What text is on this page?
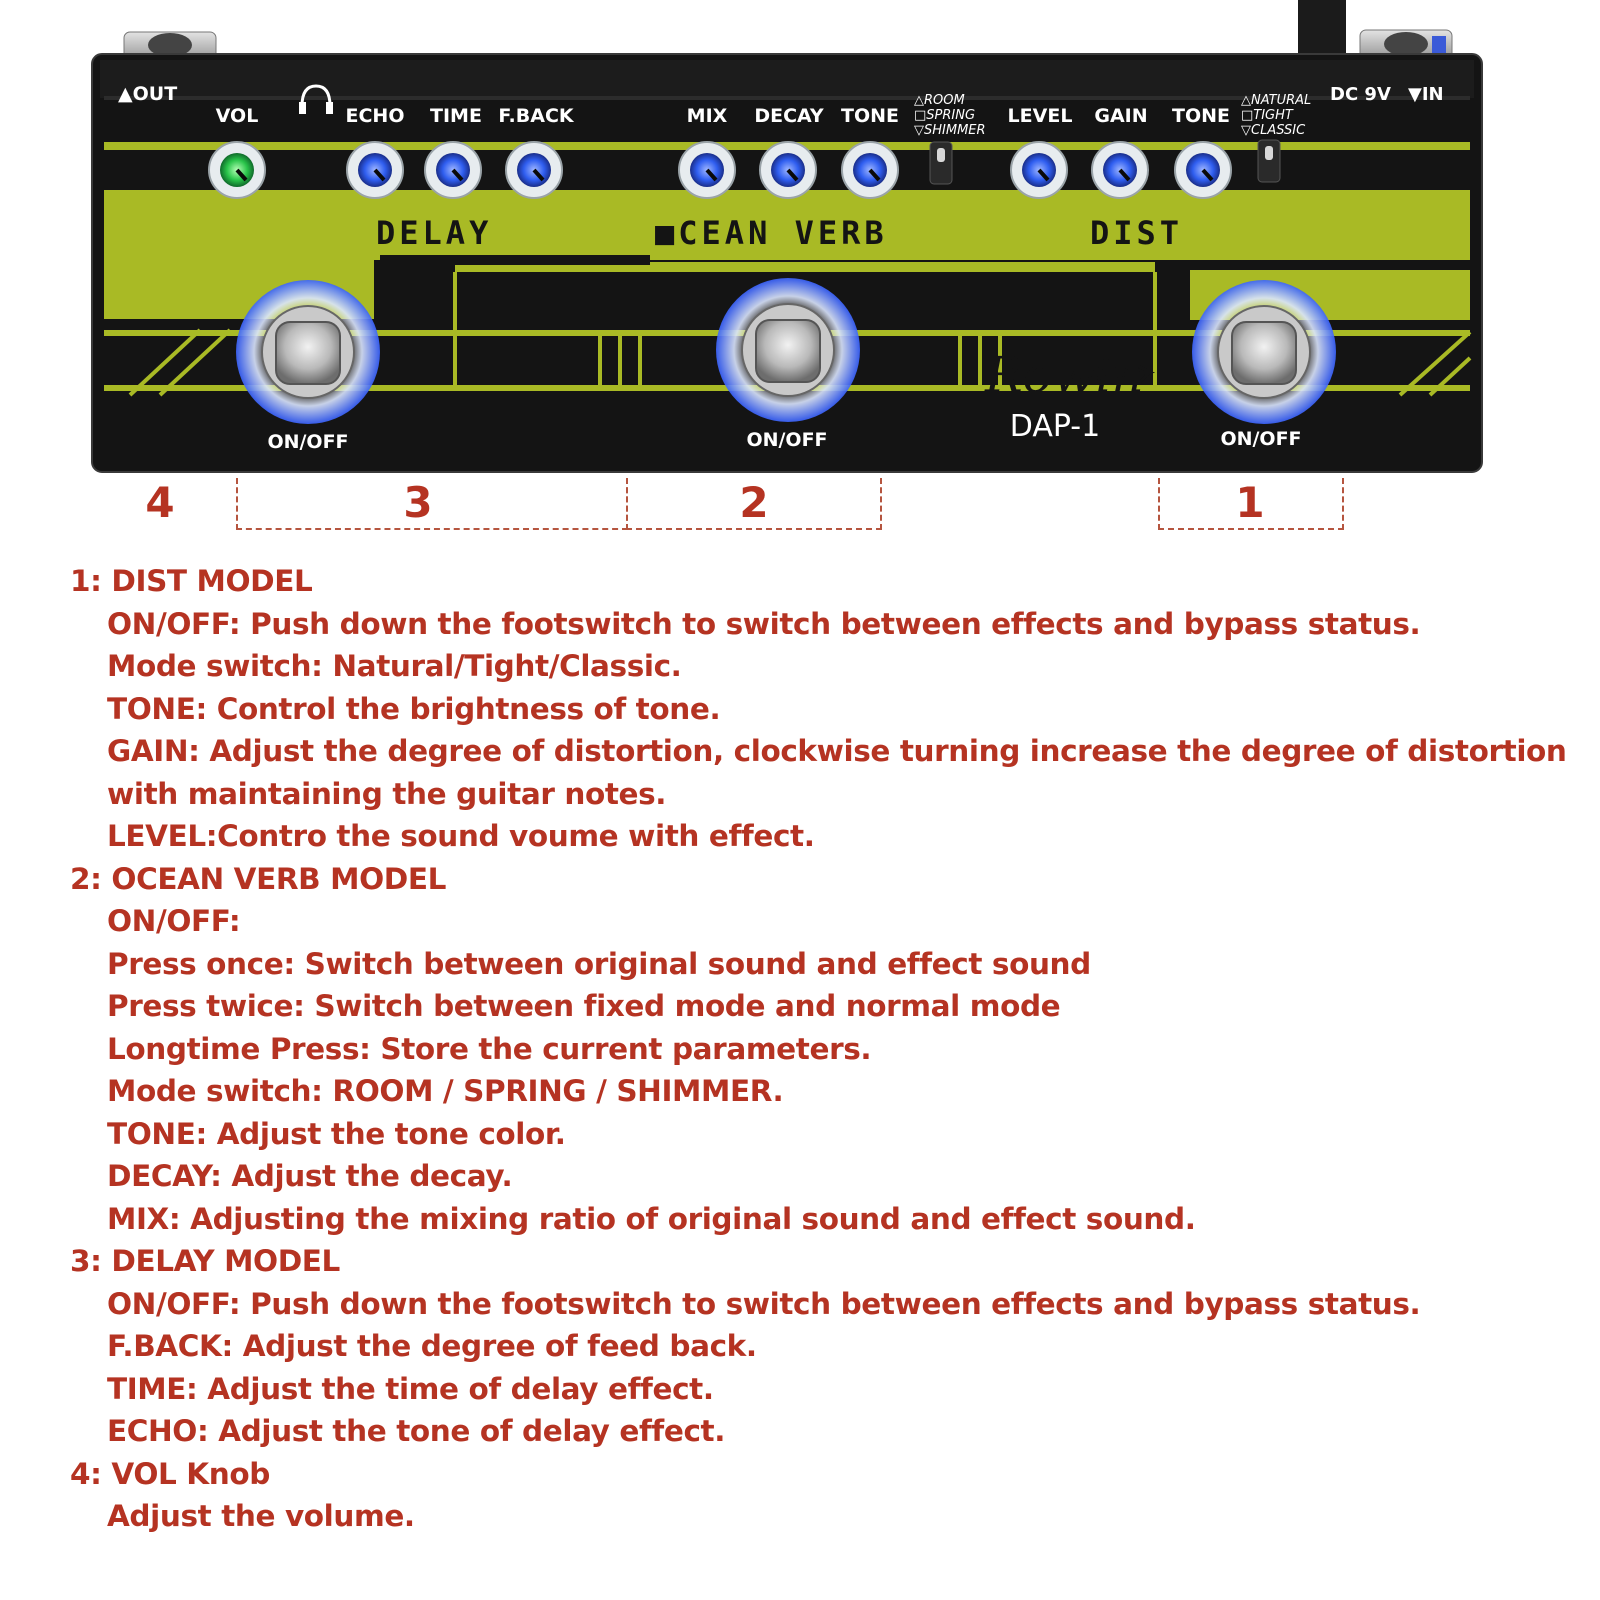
▲OUT	DC 9V ▼IN
VOL	ECHO TIME F.BACK	MIX DECAY TONE	LEVEL GAIN TONE
△ROOM
□SPRING
▽SHIMMER
△NATURAL
□TIGHT
▽CLASSIC
DELAY	■CEAN VERB	DIST
ON/OFF	ON/OFF	ON/OFF
Rowin
DAP-1
4	3	2	1
1: DIST MODEL
ON/OFF: Push down the footswitch to switch between effects and bypass status.
Mode switch: Natural/Tight/Classic.
TONE: Control the brightness of tone.
GAIN: Adjust the degree of distortion, clockwise turning increase the degree of distortion
with maintaining the guitar notes.
LEVEL:Contro the sound voume with effect.
2: OCEAN VERB MODEL
ON/OFF:
Press once: Switch between original sound and effect sound
Press twice: Switch between fixed mode and normal mode
Longtime Press: Store the current parameters.
Mode switch: ROOM / SPRING / SHIMMER.
TONE: Adjust the tone color.
DECAY: Adjust the decay.
MIX: Adjusting the mixing ratio of original sound and effect sound.
3: DELAY MODEL
ON/OFF: Push down the footswitch to switch between effects and bypass status.
F.BACK: Adjust the degree of feed back.
TIME: Adjust the time of delay effect.
ECHO: Adjust the tone of delay effect.
4: VOL Knob
Adjust the volume.
